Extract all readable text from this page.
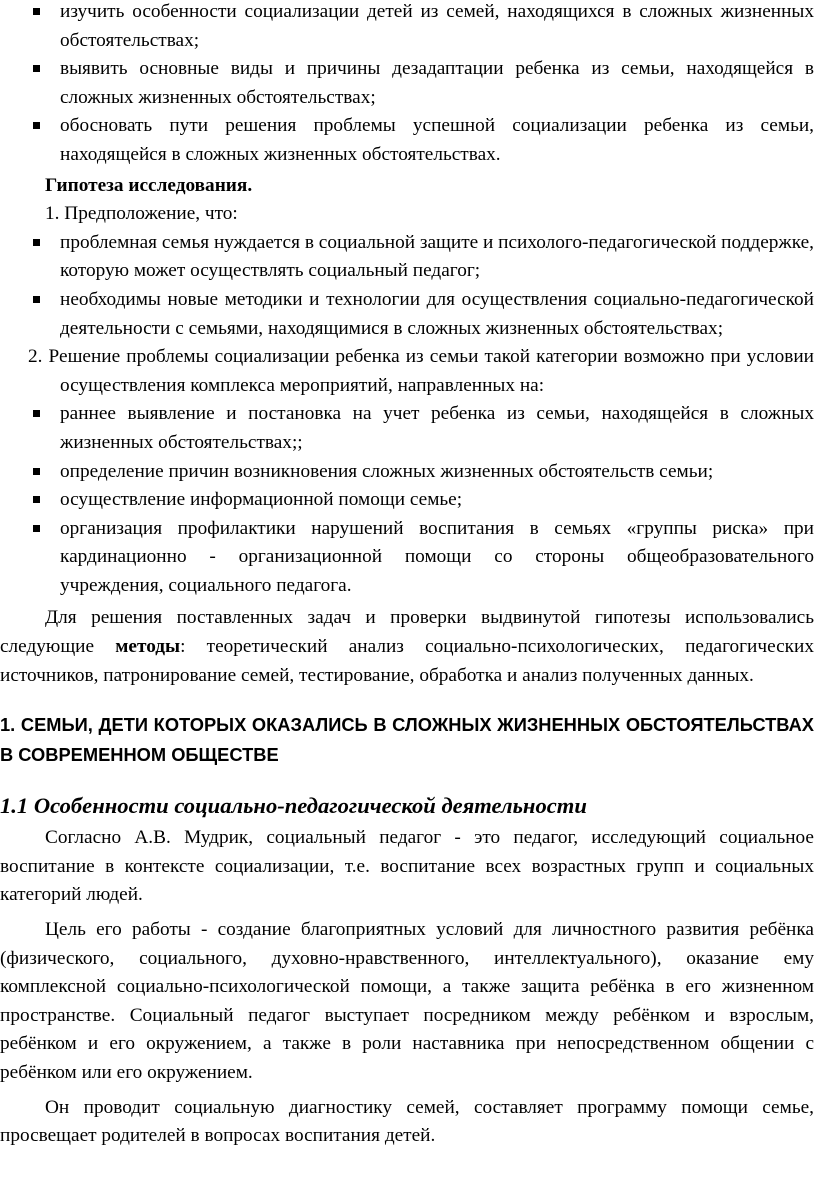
изучить особенности социализации детей из семей, находящихся в сложных жизненных обстоятельствах;
выявить основные виды и причины дезадаптации ребенка из семьи, находящейся в сложных жизненных обстоятельствах;
обосновать пути решения проблемы успешной социализации ребенка из семьи, находящейся в сложных жизненных обстоятельствах.

Гипотеза исследования.

1. Предположение, что:

проблемная семья нуждается в социальной защите и психолого-педагогической поддержке, которую может осуществлять социальный педагог;
необходимы новые методики и технологии для осуществления социально-педагогической деятельности с семьями, находящимися в сложных жизненных обстоятельствах;

2. Решение проблемы социализации ребенка из семьи такой категории возможно при условии осуществления комплекса мероприятий, направленных на:

раннее выявление и постановка на учет ребенка из семьи, находящейся в сложных жизненных обстоятельствах;;
определение причин возникновения сложных жизненных обстоятельств семьи;
осуществление информационной помощи семье;
организация профилактики нарушений воспитания в семьях «группы риска» при кардинационно - организационной помощи со стороны общеобразовательного учреждения, социального педагога.

Для решения поставленных задач и проверки выдвинутой гипотезы использовались следующие методы: теоретический анализ социально-психологических, педагогических источников, патронирование семей, тестирование, обработка и анализ полученных данных.

1. СЕМЬИ, ДЕТИ КОТОРЫХ ОКАЗАЛИСЬ В СЛОЖНЫХ ЖИЗНЕННЫХ ОБСТОЯТЕЛЬСТВАХ В СОВРЕМЕННОМ ОБЩЕСТВЕ
1.1 Особенности социально-педагогической деятельности

Согласно А.В. Мудрик, социальный педагог - это педагог, исследующий социальное воспитание в контексте социализации, т.е. воспитание всех возрастных групп и социальных категорий людей.

Цель его работы - создание благоприятных условий для личностного развития ребёнка (физического, социального, духовно-нравственного, интеллектуального), оказание ему комплексной социально-психологической помощи, а также защита ребёнка в его жизненном пространстве. Социальный педагог выступает посредником между ребёнком и взрослым, ребёнком и его окружением, а также в роли наставника при непосредственном общении с ребёнком или его окружением.

Он проводит социальную диагностику семей, составляет программу помощи семье, просвещает родителей в вопросах воспитания детей.
